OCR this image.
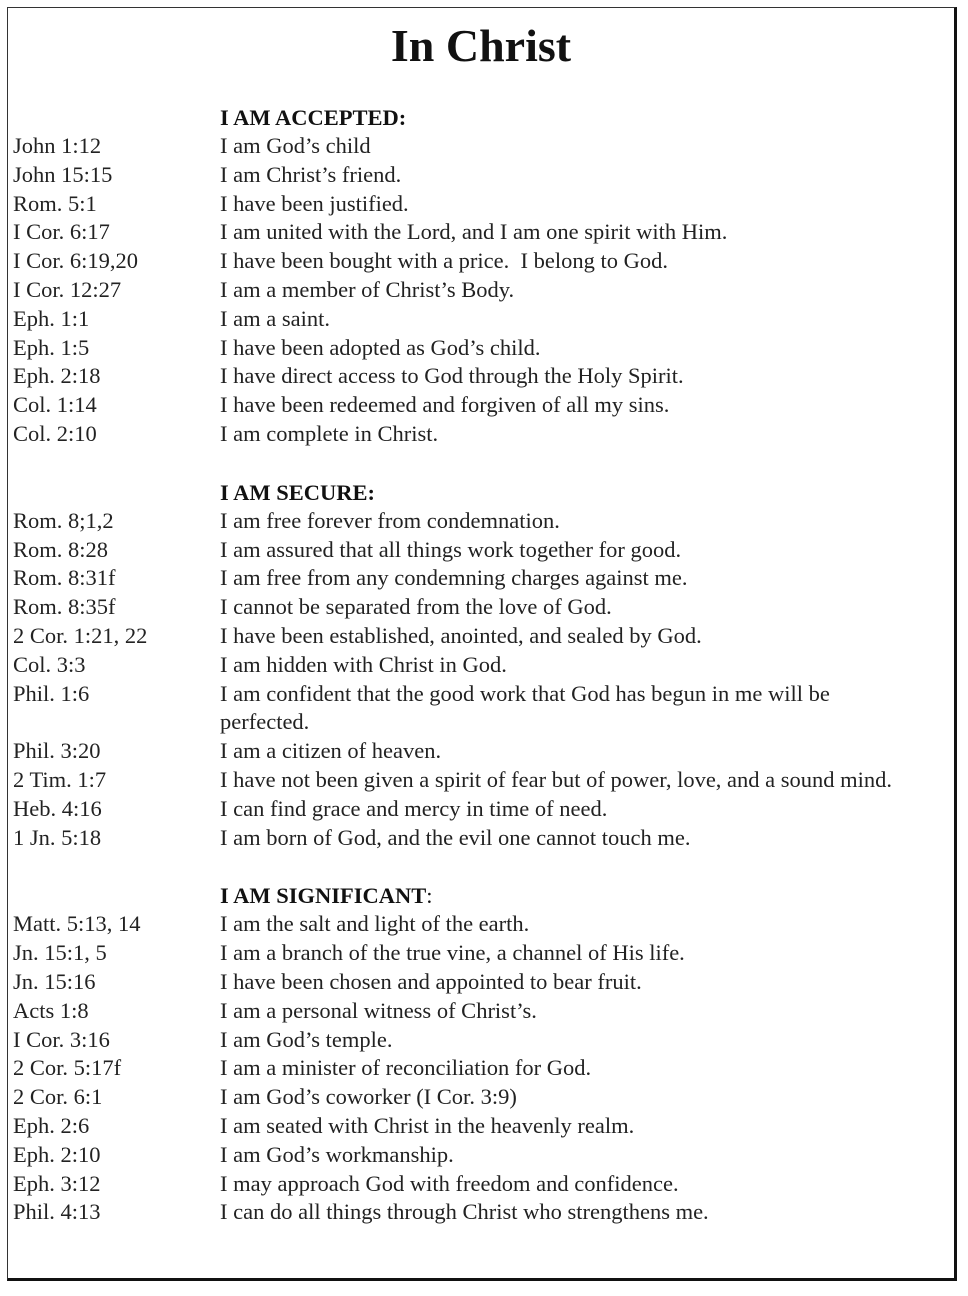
In Christ
I AM ACCEPTED:
John 1:12	I am God’s child
John 15:15	I am Christ’s friend.
Rom. 5:1	I have been justified.
I Cor. 6:17	I am united with the Lord, and I am one spirit with Him.
I Cor. 6:19,20	I have been bought with a price.  I belong to God.
I Cor. 12:27	I am a member of Christ’s Body.
Eph. 1:1	I am a saint.
Eph. 1:5	I have been adopted as God’s child.
Eph. 2:18	I have direct access to God through the Holy Spirit.
Col. 1:14	I have been redeemed and forgiven of all my sins.
Col. 2:10	I am complete in Christ.
I AM SECURE:
Rom. 8;1,2	I am free forever from condemnation.
Rom. 8:28	I am assured that all things work together for good.
Rom. 8:31f	I am free from any condemning charges against me.
Rom. 8:35f	I cannot be separated from the love of God.
2 Cor. 1:21, 22	I have been established, anointed, and sealed by God.
Col. 3:3	I am hidden with Christ in God.
Phil. 1:6	I am confident that the good work that God has begun in me will be perfected.
Phil. 3:20	I am a citizen of heaven.
2 Tim. 1:7	I have not been given a spirit of fear but of power, love, and a sound mind.
Heb. 4:16	I can find grace and mercy in time of need.
1 Jn. 5:18	I am born of God, and the evil one cannot touch me.
I AM SIGNIFICANT:
Matt. 5:13, 14	I am the salt and light of the earth.
Jn. 15:1, 5	I am a branch of the true vine, a channel of His life.
Jn. 15:16	I have been chosen and appointed to bear fruit.
Acts 1:8	I am a personal witness of Christ’s.
I Cor. 3:16	I am God’s temple.
2 Cor. 5:17f	I am a minister of reconciliation for God.
2 Cor. 6:1	I am God’s coworker (I Cor. 3:9)
Eph. 2:6	I am seated with Christ in the heavenly realm.
Eph. 2:10	I am God’s workmanship.
Eph. 3:12	I may approach God with freedom and confidence.
Phil. 4:13	I can do all things through Christ who strengthens me.
